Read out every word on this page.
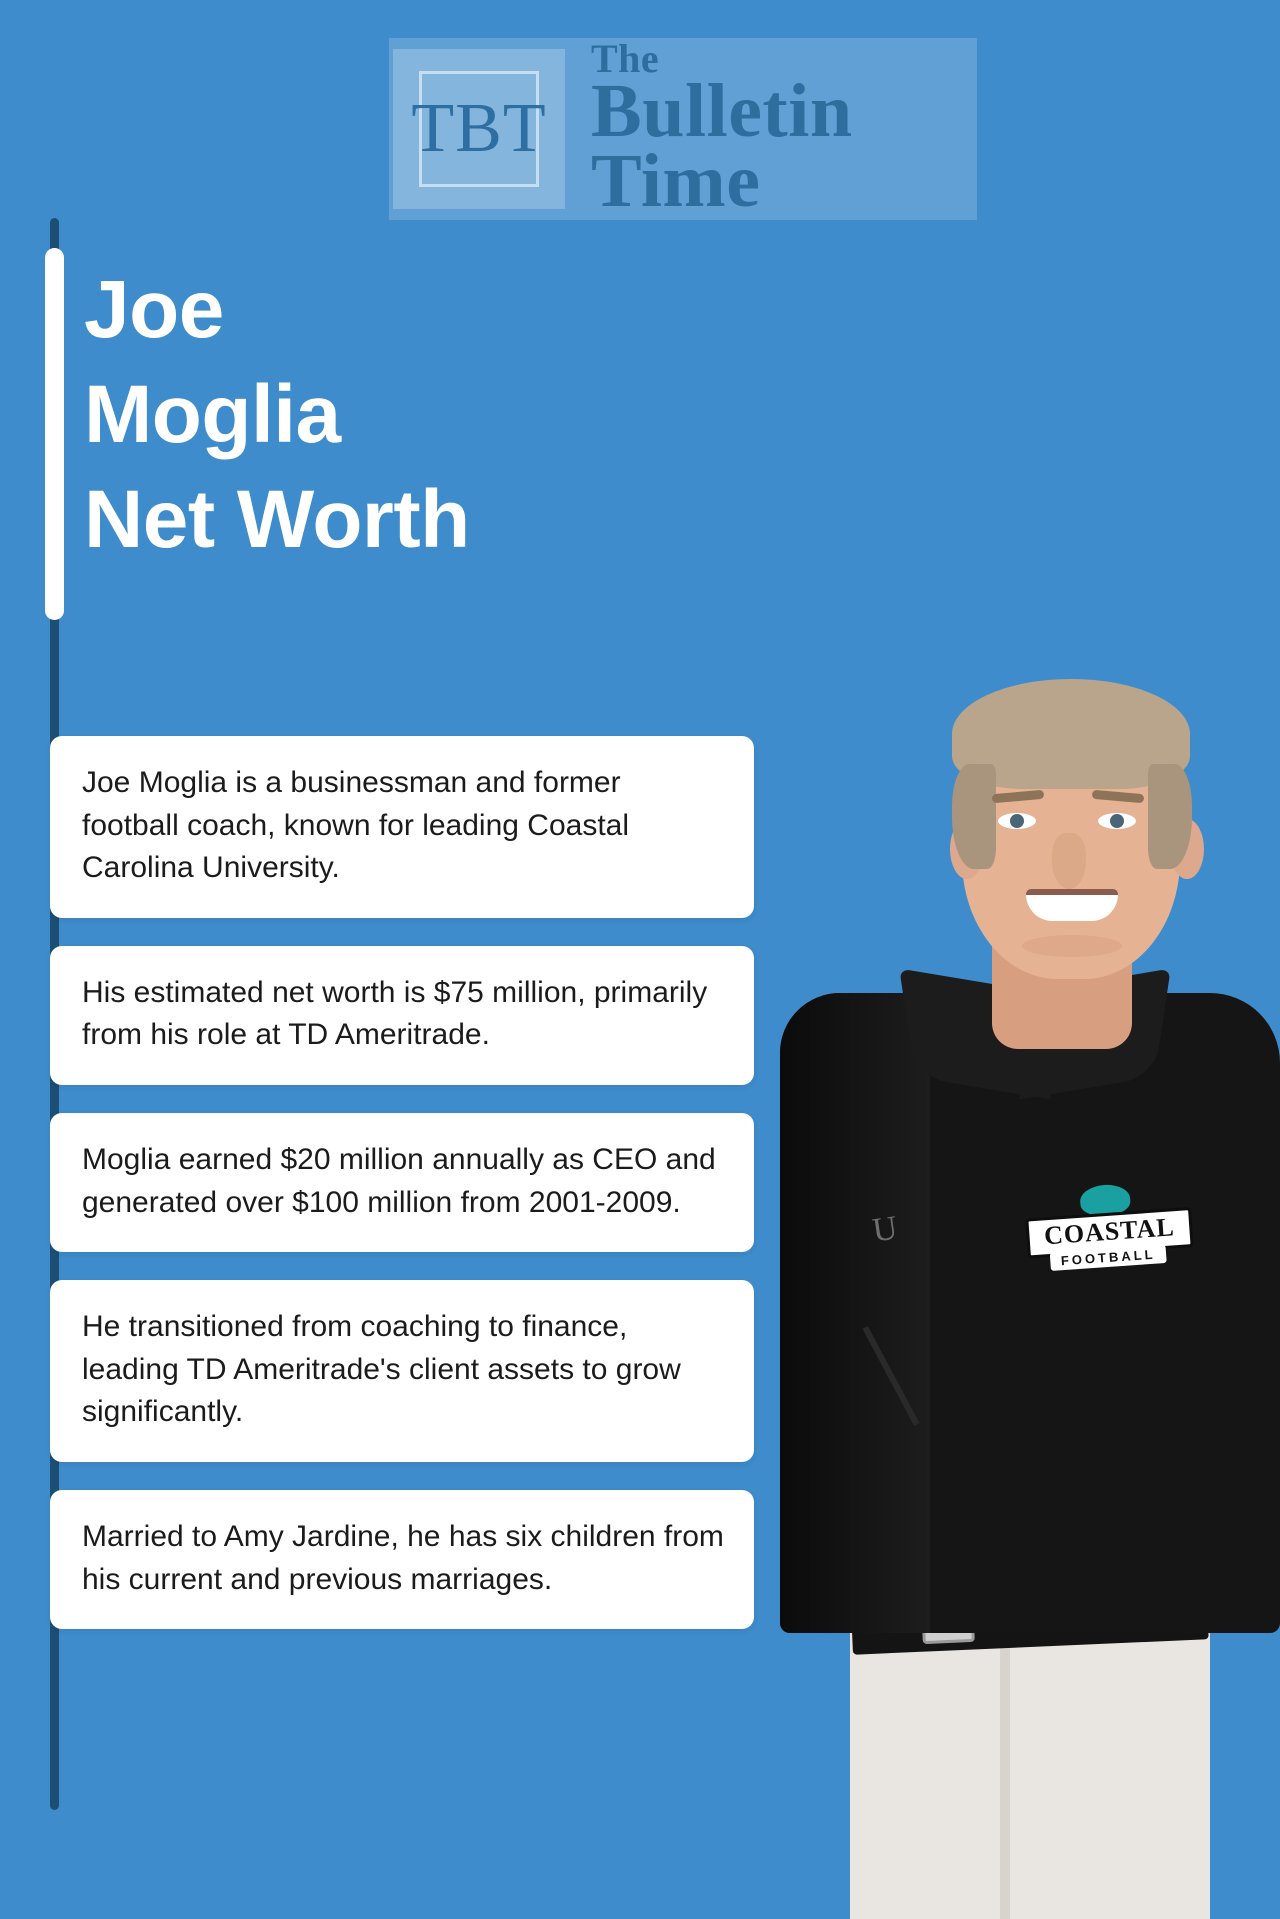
TBT
The
Bulletin
Time
Joe
Moglia
Net Worth
Joe Moglia is a businessman and former football coach, known for leading Coastal Carolina University.
His estimated net worth is $75 million, primarily from his role at TD Ameritrade.
Moglia earned $20 million annually as CEO and generated over $100 million from 2001-2009.
He transitioned from coaching to finance, leading TD Ameritrade's client assets to grow significantly.
Married to Amy Jardine, he has six children from his current and previous marriages.
U	COASTAL
FOOTBALL
